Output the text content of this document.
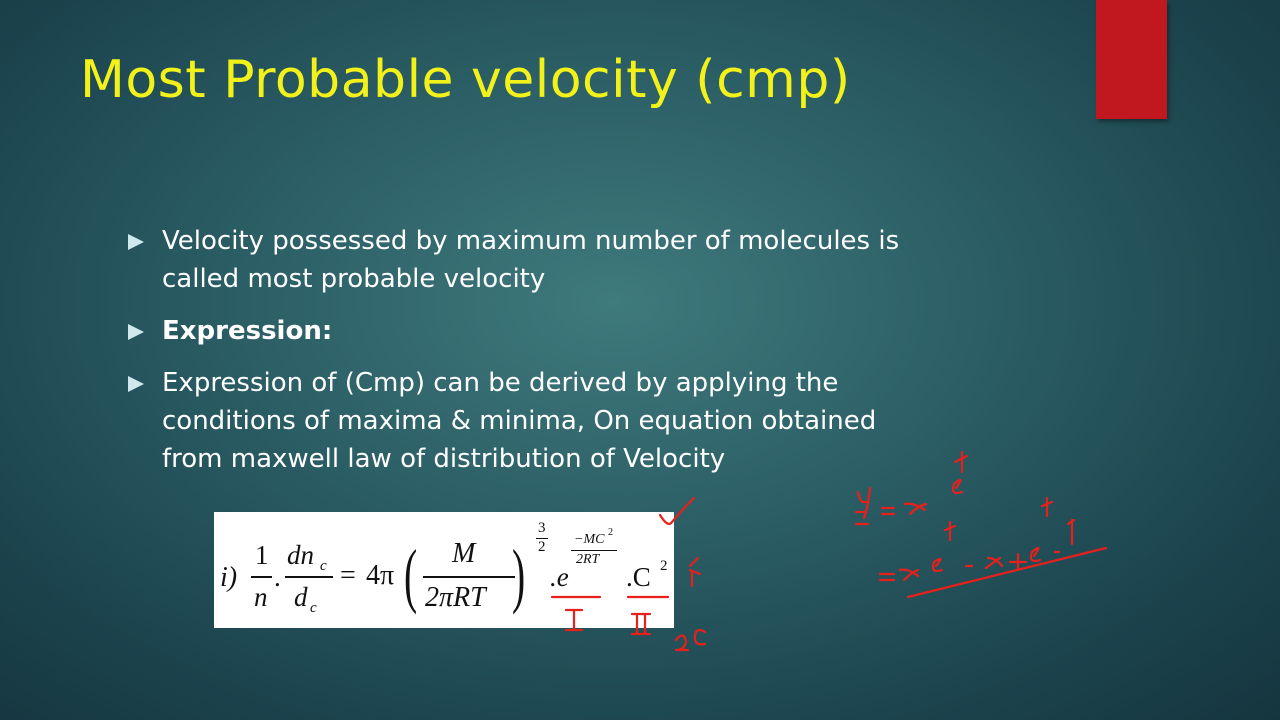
Most Probable velocity (cmp)
Velocity possessed by maximum number of molecules is
called most probable velocity
Expression:
Expression of (Cmp) can be derived by applying the
conditions of maxima & minima, On equation obtained
from maxwell law of distribution of Velocity
i)
1
n
.
dn c
d c
= 4π ( M
2πRT )
3
2
.e
−MC 2
2RT
.C 2
